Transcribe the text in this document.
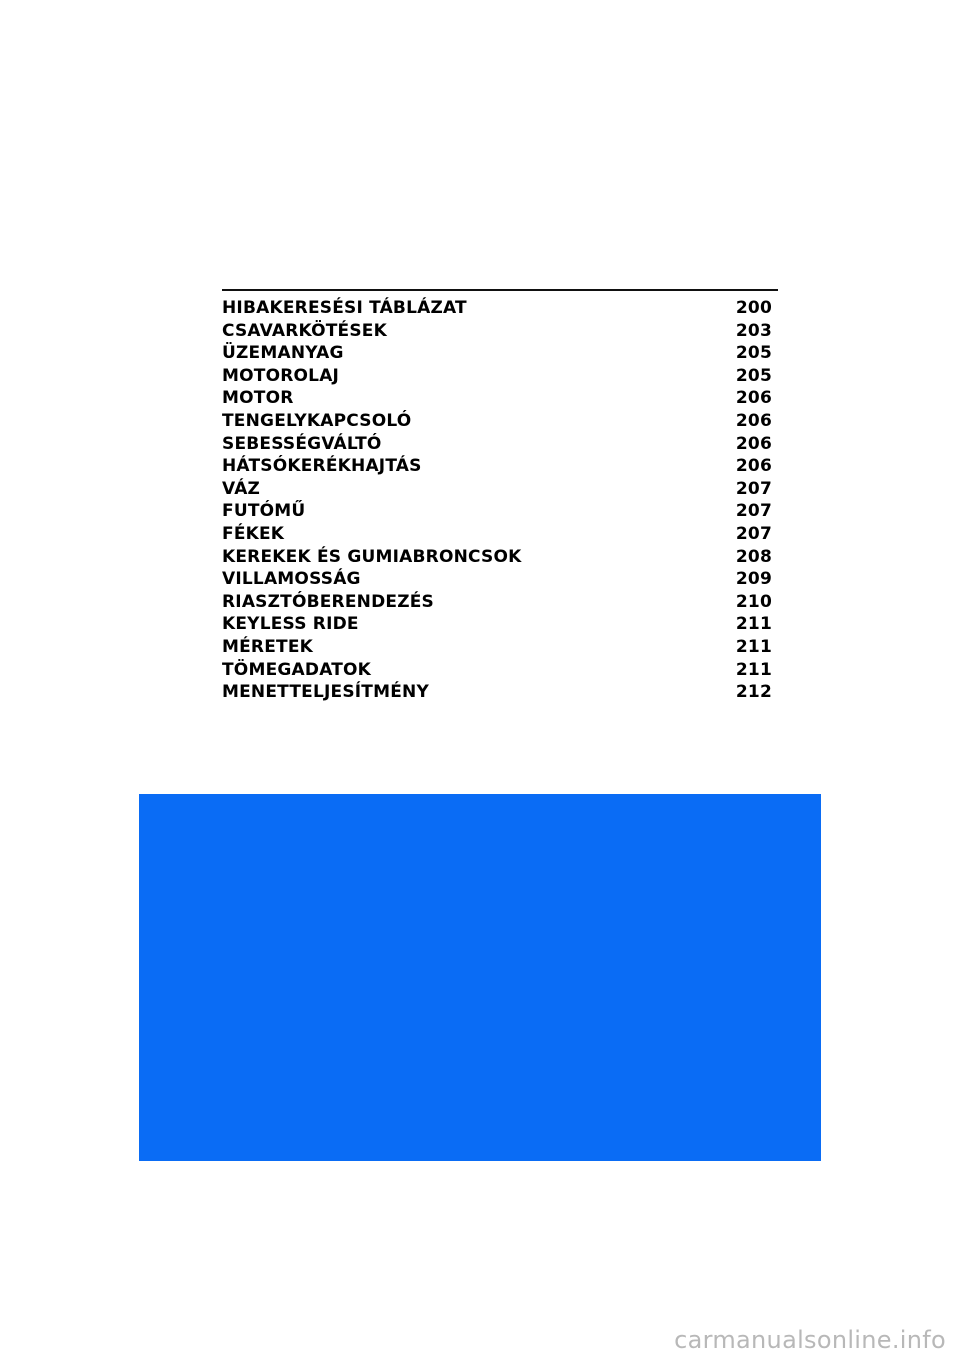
HIBAKERESÉSI TÁBLÁZAT	200
CSAVARKÖTÉSEK	203
ÜZEMANYAG	205
MOTOROLAJ	205
MOTOR	206
TENGELYKAPCSOLÓ	206
SEBESSÉGVÁLTÓ	206
HÁTSÓKERÉKHAJTÁS	206
VÁZ	207
FUTÓMŰ	207
FÉKEK	207
KEREKEK ÉS GUMIABRONCSOK	208
VILLAMOSSÁG	209
RIASZTÓBERENDEZÉS	210
KEYLESS RIDE	211
MÉRETEK	211
TÖMEGADATOK	211
MENETTELJESÍTMÉNY	212
carmanualsonline.info
